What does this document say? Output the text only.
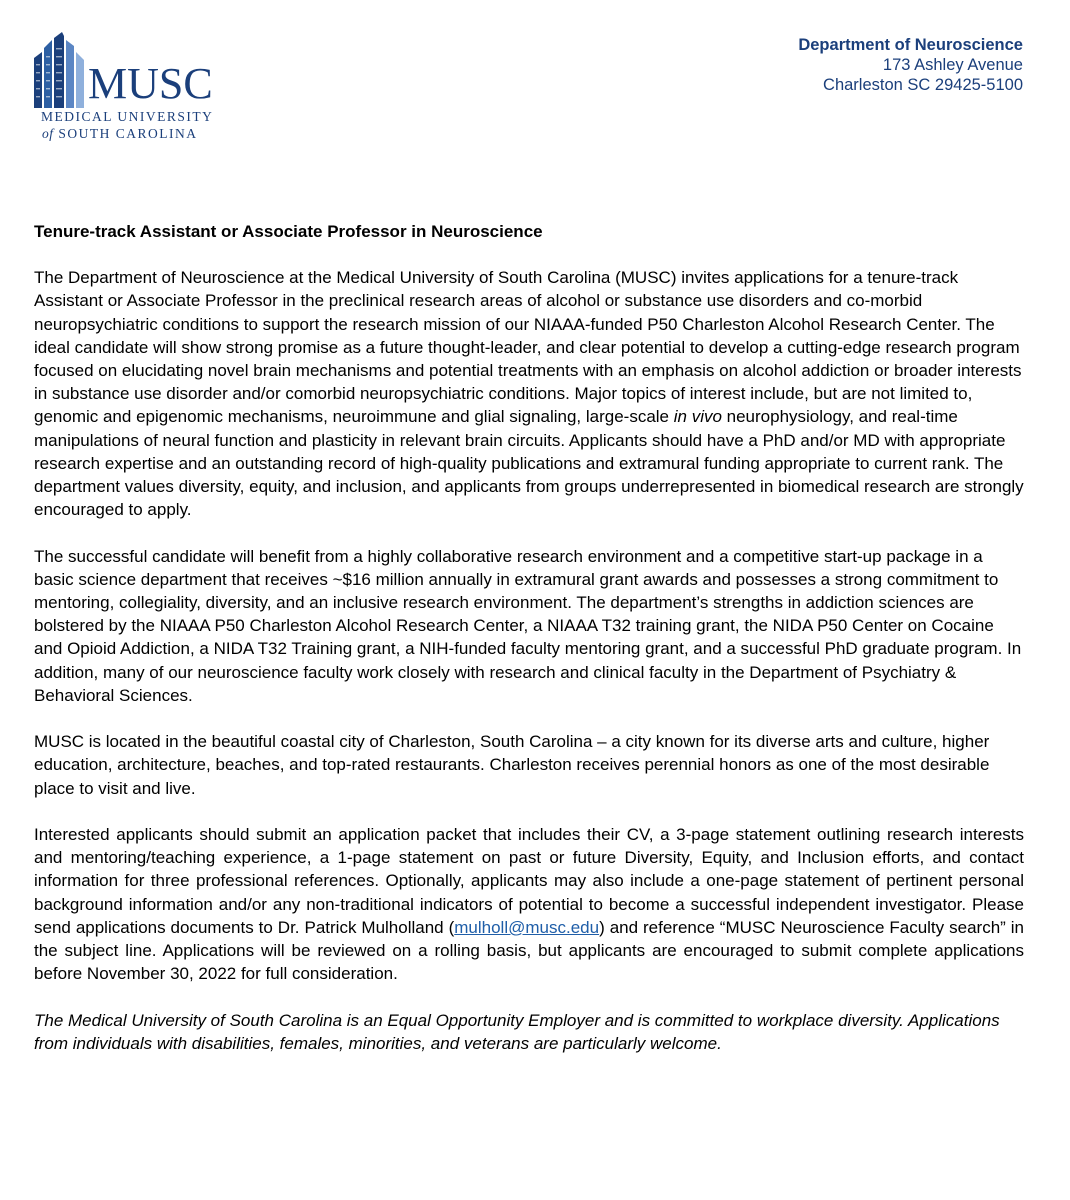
MUSC
MEDICAL UNIVERSITY
of SOUTH CAROLINA
Department of Neuroscience
173 Ashley Avenue
Charleston SC 29425-5100
Tenure-track Assistant or Associate Professor in Neuroscience

The Department of Neuroscience at the Medical University of South Carolina (MUSC) invites applications for a tenure-track Assistant or Associate Professor in the preclinical research areas of alcohol or substance use disorders and co-morbid neuropsychiatric conditions to support the research mission of our NIAAA-funded P50 Charleston Alcohol Research Center. The ideal candidate will show strong promise as a future thought-leader, and clear potential to develop a cutting-edge research program focused on elucidating novel brain mechanisms and potential treatments with an emphasis on alcohol addiction or broader interests in substance use disorder and/or comorbid neuropsychiatric conditions. Major topics of interest include, but are not limited to, genomic and epigenomic mechanisms, neuroimmune and glial signaling, large-scale in vivo neurophysiology, and real-time manipulations of neural function and plasticity in relevant brain circuits. Applicants should have a PhD and/or MD with appropriate research expertise and an outstanding record of high-quality publications and extramural funding appropriate to current rank. The department values diversity, equity, and inclusion, and applicants from groups underrepresented in biomedical research are strongly encouraged to apply.

The successful candidate will benefit from a highly collaborative research environment and a competitive start-up package in a basic science department that receives ~$16 million annually in extramural grant awards and possesses a strong commitment to mentoring, collegiality, diversity, and an inclusive research environment. The department’s strengths in addiction sciences are bolstered by the NIAAA P50 Charleston Alcohol Research Center, a NIAAA T32 training grant, the NIDA P50 Center on Cocaine and Opioid Addiction, a NIDA T32 Training grant, a NIH-funded faculty mentoring grant, and a successful PhD graduate program. In addition, many of our neuroscience faculty work closely with research and clinical faculty in the Department of Psychiatry & Behavioral Sciences.

MUSC is located in the beautiful coastal city of Charleston, South Carolina – a city known for its diverse arts and culture, higher education, architecture, beaches, and top-rated restaurants. Charleston receives perennial honors as one of the most desirable place to visit and live.

Interested applicants should submit an application packet that includes their CV, a 3-page statement outlining research interests and mentoring/teaching experience, a 1-page statement on past or future Diversity, Equity, and Inclusion efforts, and contact information for three professional references. Optionally, applicants may also include a one-page statement of pertinent personal background information and/or any non-traditional indicators of potential to become a successful independent investigator. Please send applications documents to Dr. Patrick Mulholland (mulholl@musc.edu) and reference “MUSC Neuroscience Faculty search” in the subject line. Applications will be reviewed on a rolling basis, but applicants are encouraged to submit complete applications before November 30, 2022 for full consideration.

The Medical University of South Carolina is an Equal Opportunity Employer and is committed to workplace diversity. Applications from individuals with disabilities, females, minorities, and veterans are particularly welcome.
